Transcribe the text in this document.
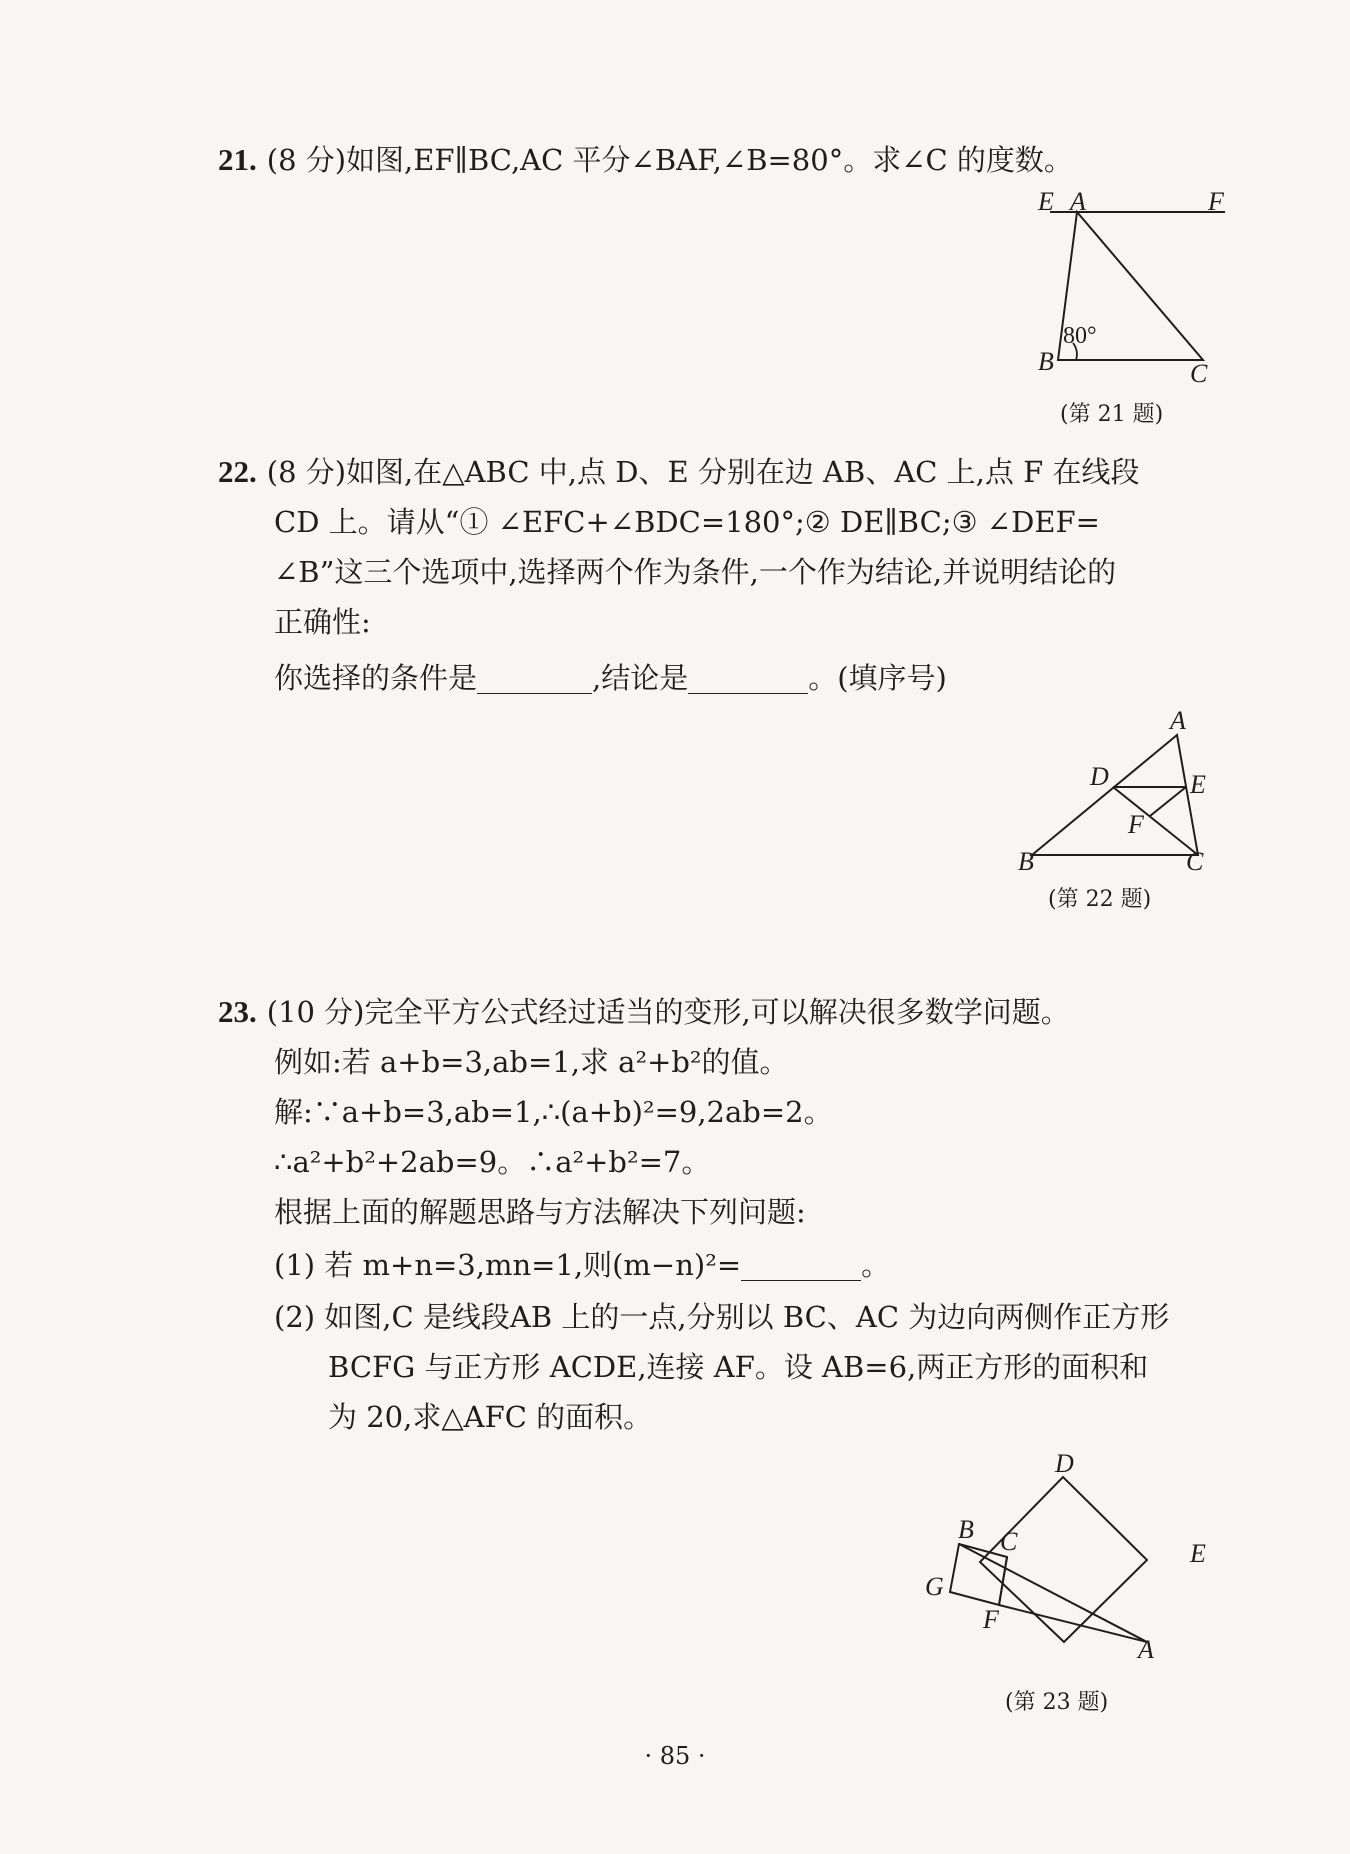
21. (8 分)如图,EF∥BC,AC 平分∠BAF,∠B=80°。求∠C 的度数。
E A	F
B	C
80°
(第 21 题)
22. (8 分)如图,在△ABC 中,点 D、E 分别在边 AB、AC 上,点 F 在线段
CD 上。请从“① ∠EFC+∠BDC=180°;② DE∥BC;③ ∠DEF=
∠B”这三个选项中,选择两个作为条件,一个作为结论,并说明结论的
正确性:
你选择的条件是	,结论是	。(填序号)
A
D	E
F
B	C
(第 22 题)
23. (10 分)完全平方公式经过适当的变形,可以解决很多数学问题。
例如:若 a+b=3,ab=1,求 a²+b²的值。
解:∵a+b=3,ab=1,∴(a+b)²=9,2ab=2。
∴a²+b²+2ab=9。∴a²+b²=7。
根据上面的解题思路与方法解决下列问题:
(1) 若 m+n=3,mn=1,则(m−n)²=	。
(2) 如图,C 是线段AB 上的一点,分别以 BC、AC 为边向两侧作正方形
BCFG 与正方形 ACDE,连接 AF。设 AB=6,两正方形的面积和
为 20,求△AFC 的面积。
D
E
B C
G
F
A
(第 23 题)
· 85 ·
